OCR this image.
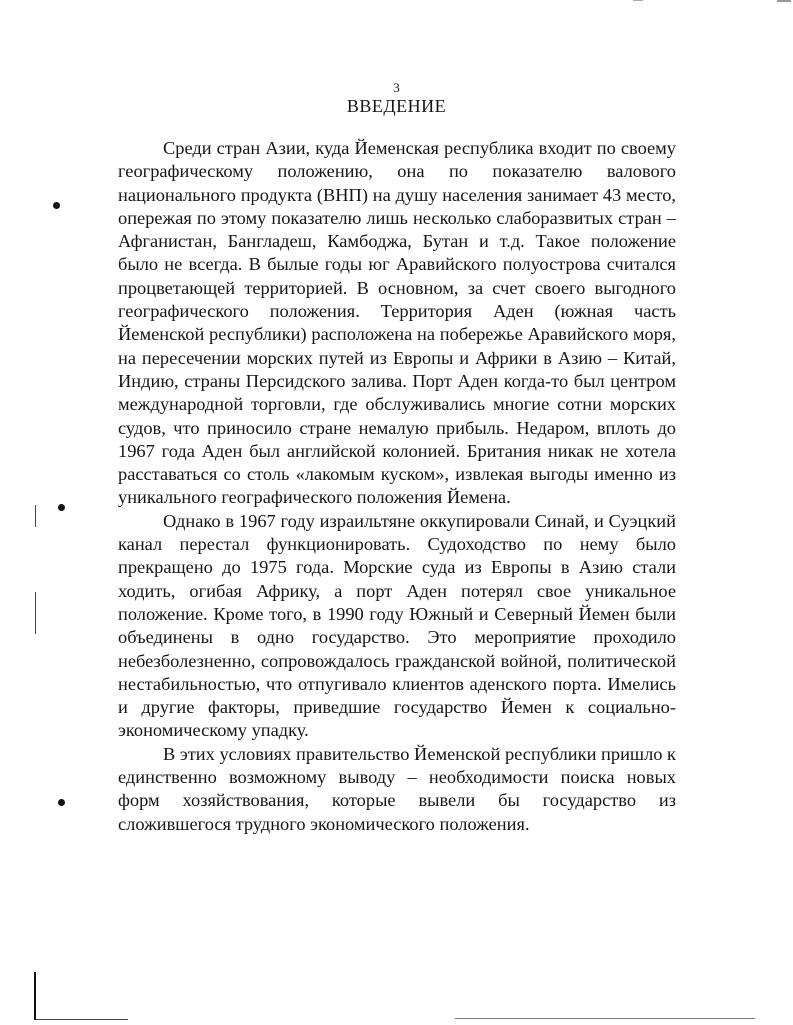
3
ВВЕДЕНИЕ

Среди стран Азии, куда Йеменская республика входит по своему географическому положению, она по показателю валового национального продукта (ВНП) на душу населения занимает 43 место, опережая по этому показателю лишь несколько слаборазвитых стран – Афганистан, Бангладеш, Камбоджа, Бутан и т.д. Такое положение было не всегда. В былые годы юг Аравийского полуострова считался процветающей территорией. В основном, за счет своего выгодного географического положения. Территория Аден (южная часть Йеменской республики) расположена на побережье Аравийского моря, на пересечении морских путей из Европы и Африки в Азию – Китай, Индию, страны Персидского залива. Порт Аден когда-то был центром международной торговли, где обслуживались многие сотни морских судов, что приносило стране немалую прибыль. Недаром, вплоть до 1967 года Аден был английской колонией. Британия никак не хотела расставаться со столь «лакомым куском», извлекая выгоды именно из уникального географического положения Йемена.

Однако в 1967 году израильтяне оккупировали Синай, и Суэцкий канал перестал функционировать. Судоходство по нему было прекращено до 1975 года. Морские суда из Европы в Азию стали ходить, огибая Африку, а порт Аден потерял свое уникальное положение. Кроме того, в 1990 году Южный и Северный Йемен были объединены в одно государство. Это мероприятие проходило небезболезненно, сопровождалось гражданской войной, политической нестабильностью, что отпугивало клиентов аденского порта. Имелись и другие факторы, приведшие государство Йемен к социально-экономическому упадку.

В этих условиях правительство Йеменской республики пришло к единственно возможному выводу – необходимости поиска новых форм хозяйствования, которые вывели бы государство из сложившегося трудного экономического положения.
